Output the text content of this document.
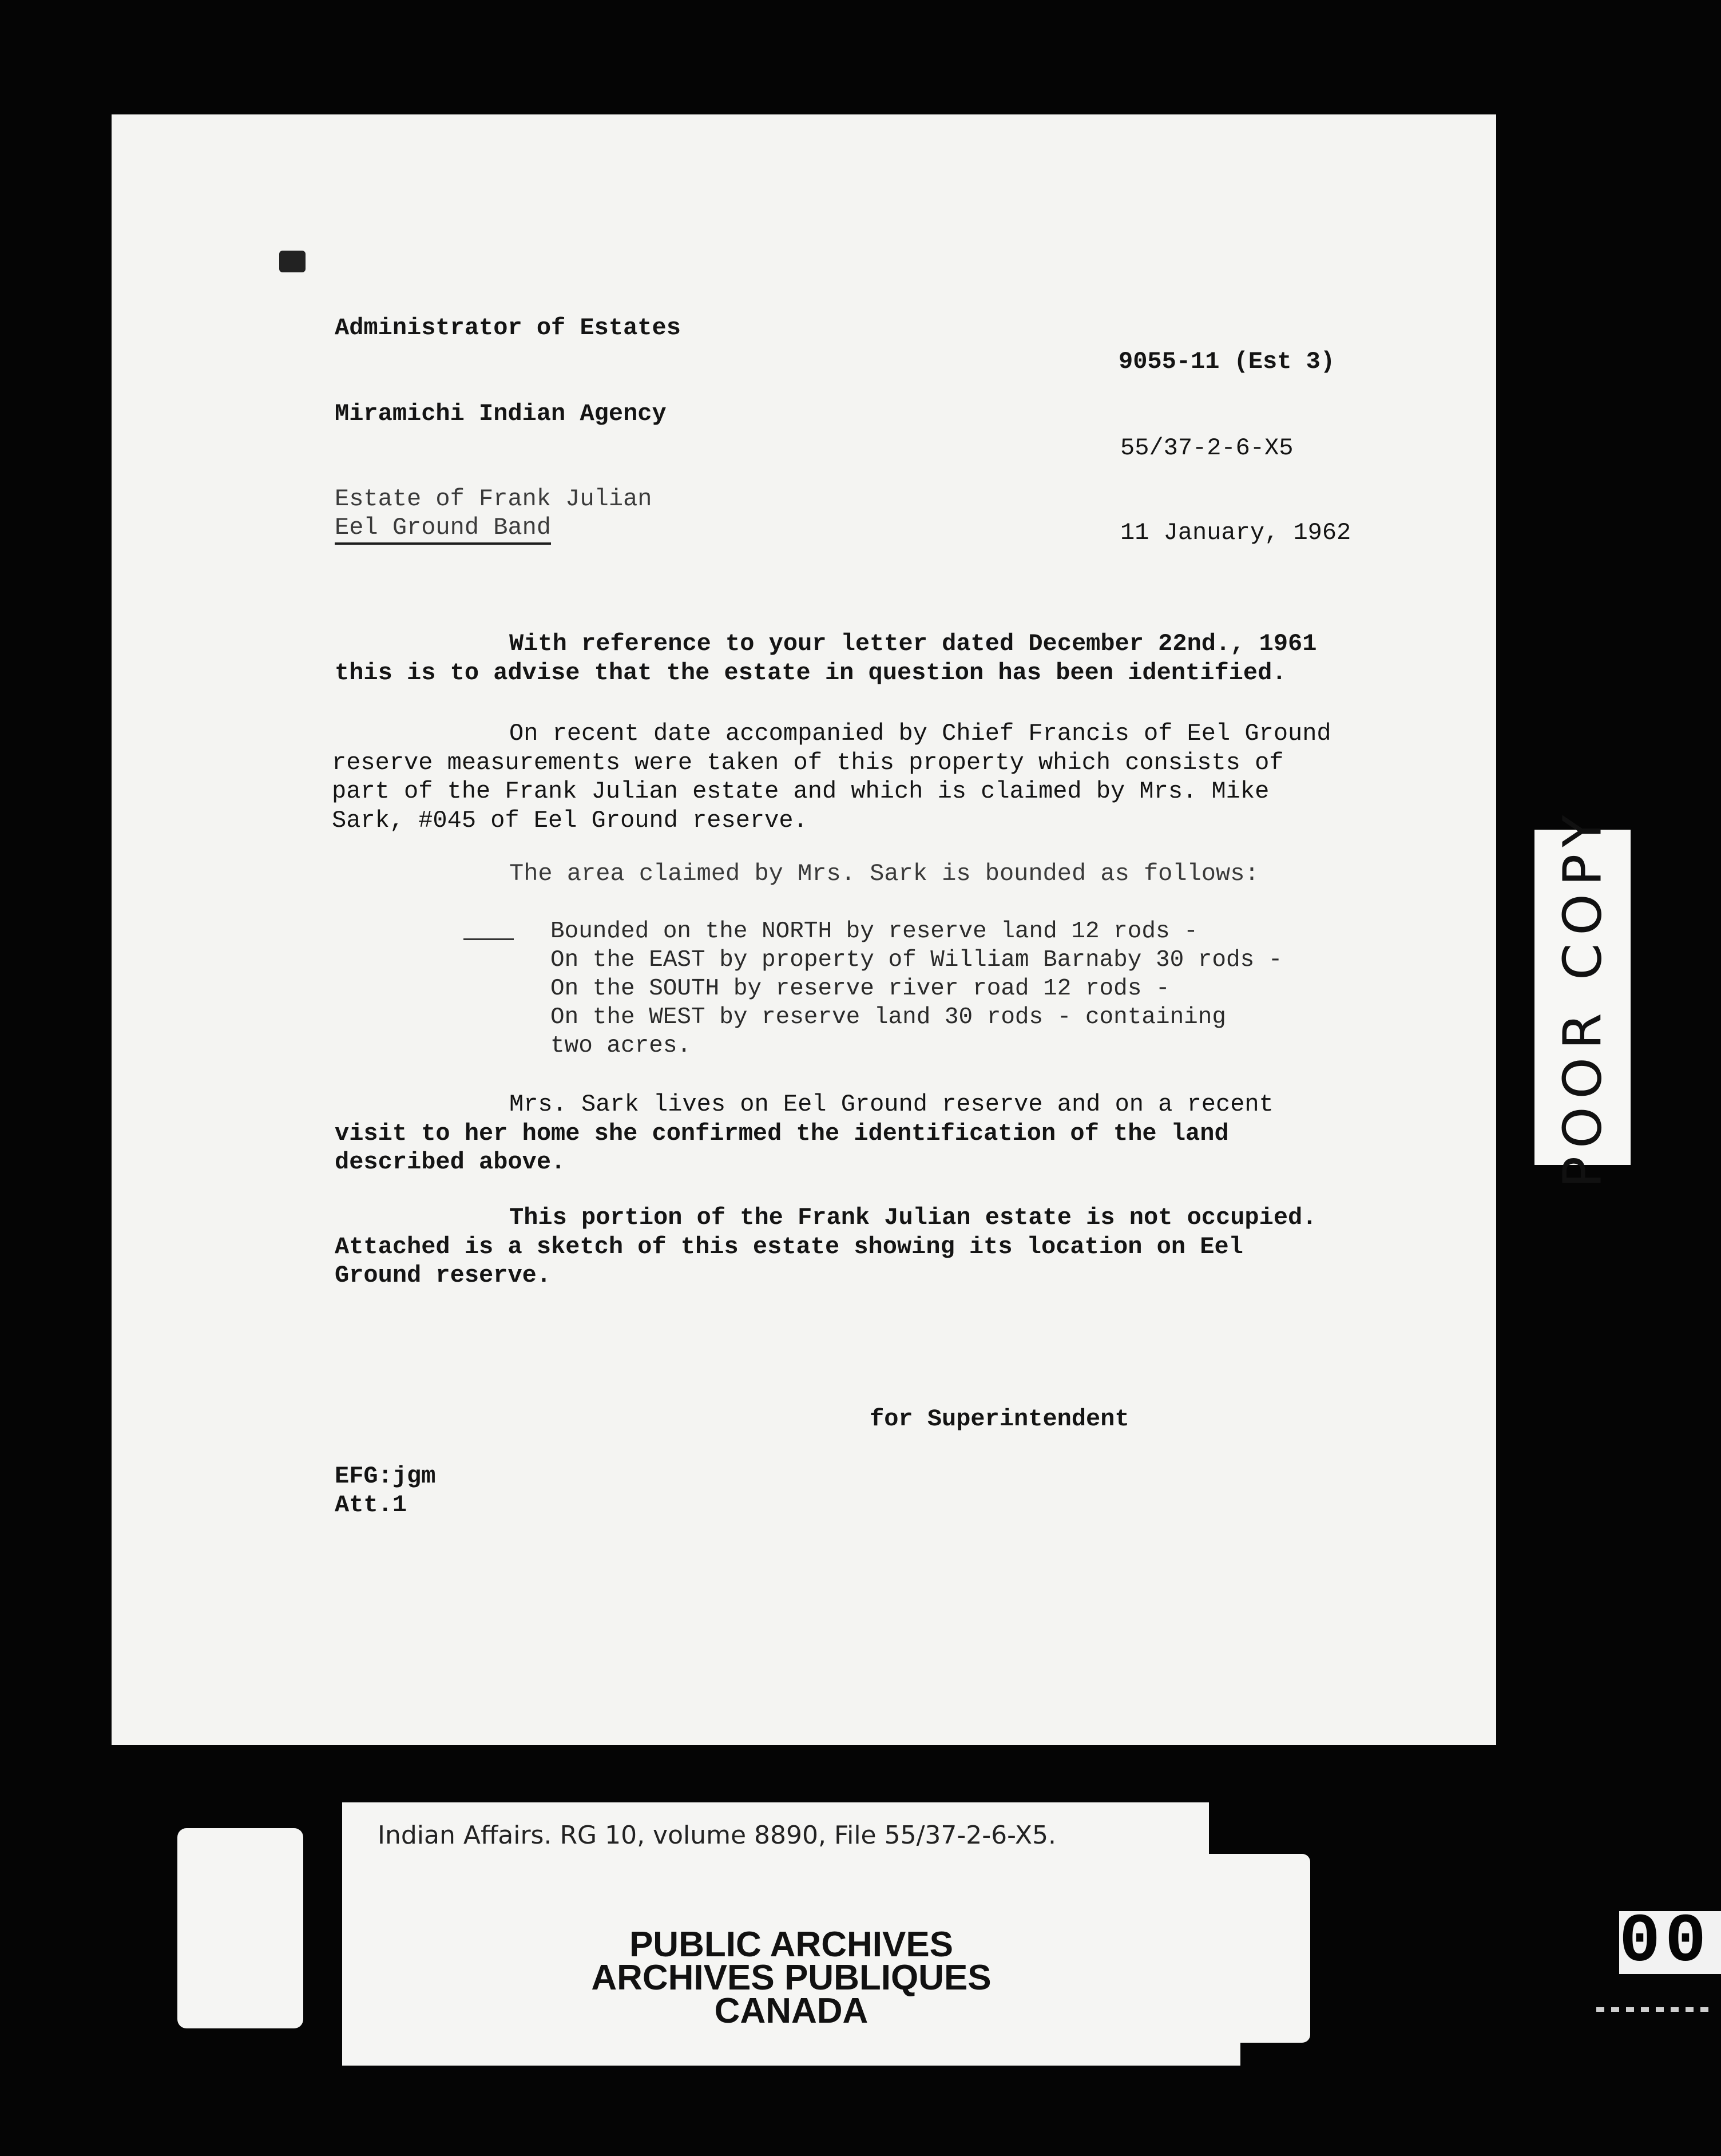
Administrator of Estates
Miramichi Indian Agency
Estate of Frank Julian
Eel Ground Band
9055-11 (Est 3)
55/37-2-6-X5
11 January, 1962
With reference to your letter dated December 22nd., 1961
this is to advise that the estate in question has been identified.
On recent date accompanied by Chief Francis of Eel Ground
reserve measurements were taken of this property which consists of
part of the Frank Julian estate and which is claimed by Mrs. Mike
Sark, #045 of Eel Ground reserve.
The area claimed by Mrs. Sark is bounded as follows:
Bounded on the NORTH by reserve land 12 rods -
On the EAST by property of William Barnaby 30 rods -
On the SOUTH by reserve river road 12 rods -
On the WEST by reserve land 30 rods - containing
two acres.
Mrs. Sark lives on Eel Ground reserve and on a recent
visit to her home she confirmed the identification of the land
described above.
This portion of the Frank Julian estate is not occupied.
Attached is a sketch of this estate showing its location on Eel
Ground reserve.
for Superintendent
EFG:jgm
Att.1
POOR COPY
Indian Affairs. RG 10, volume 8890, File 55/37-2-6-X5.
PUBLIC ARCHIVES
ARCHIVES PUBLIQUES
CANADA
00
